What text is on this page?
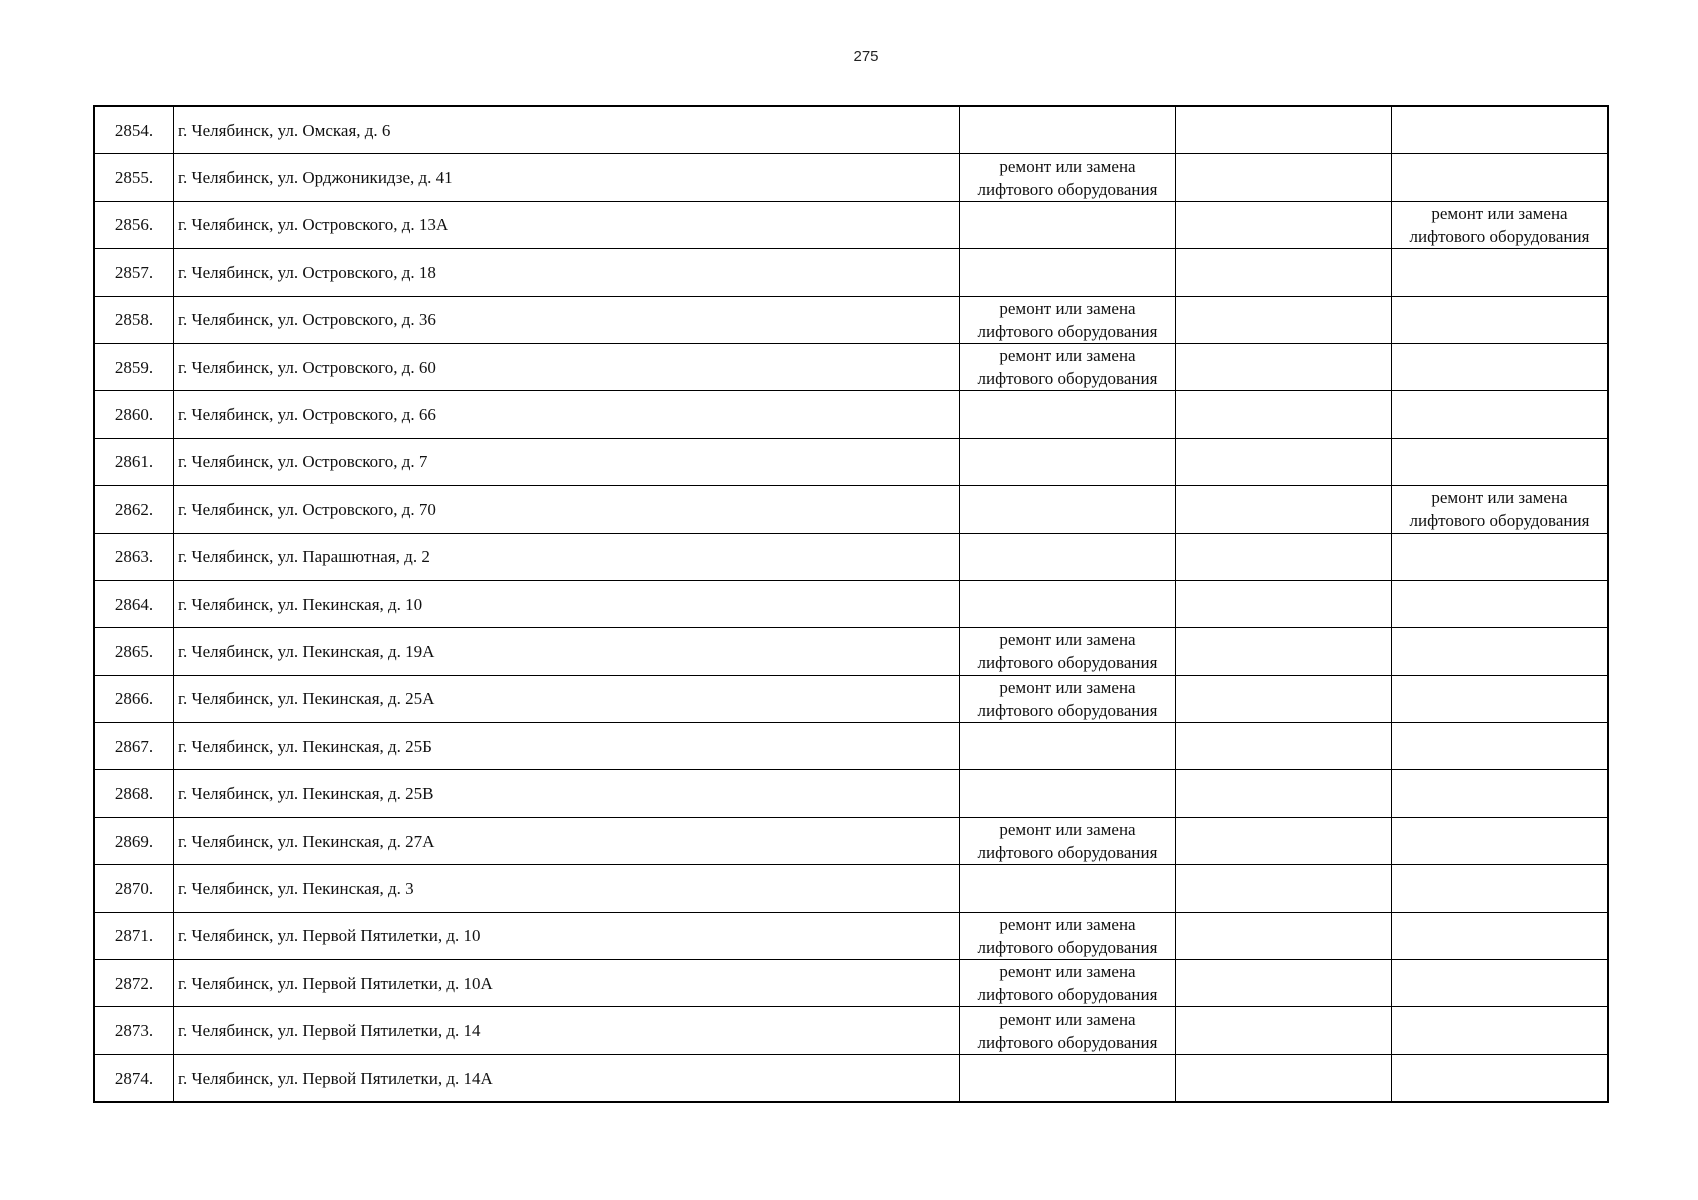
275
2854.	г. Челябинск, ул. Омская, д. 6			
2855.	г. Челябинск, ул. Орджоникидзе, д. 41	ремонт или замена
лифтового оборудования		
2856.	г. Челябинск, ул. Островского, д. 13А			ремонт или замена
лифтового оборудования
2857.	г. Челябинск, ул. Островского, д. 18			
2858.	г. Челябинск, ул. Островского, д. 36	ремонт или замена
лифтового оборудования		
2859.	г. Челябинск, ул. Островского, д. 60	ремонт или замена
лифтового оборудования		
2860.	г. Челябинск, ул. Островского, д. 66			
2861.	г. Челябинск, ул. Островского, д. 7			
2862.	г. Челябинск, ул. Островского, д. 70			ремонт или замена
лифтового оборудования
2863.	г. Челябинск, ул. Парашютная, д. 2			
2864.	г. Челябинск, ул. Пекинская, д. 10			
2865.	г. Челябинск, ул. Пекинская, д. 19А	ремонт или замена
лифтового оборудования		
2866.	г. Челябинск, ул. Пекинская, д. 25А	ремонт или замена
лифтового оборудования		
2867.	г. Челябинск, ул. Пекинская, д. 25Б			
2868.	г. Челябинск, ул. Пекинская, д. 25В			
2869.	г. Челябинск, ул. Пекинская, д. 27А	ремонт или замена
лифтового оборудования		
2870.	г. Челябинск, ул. Пекинская, д. 3			
2871.	г. Челябинск, ул. Первой Пятилетки, д. 10	ремонт или замена
лифтового оборудования		
2872.	г. Челябинск, ул. Первой Пятилетки, д. 10А	ремонт или замена
лифтового оборудования		
2873.	г. Челябинск, ул. Первой Пятилетки, д. 14	ремонт или замена
лифтового оборудования		
2874.	г. Челябинск, ул. Первой Пятилетки, д. 14А			
